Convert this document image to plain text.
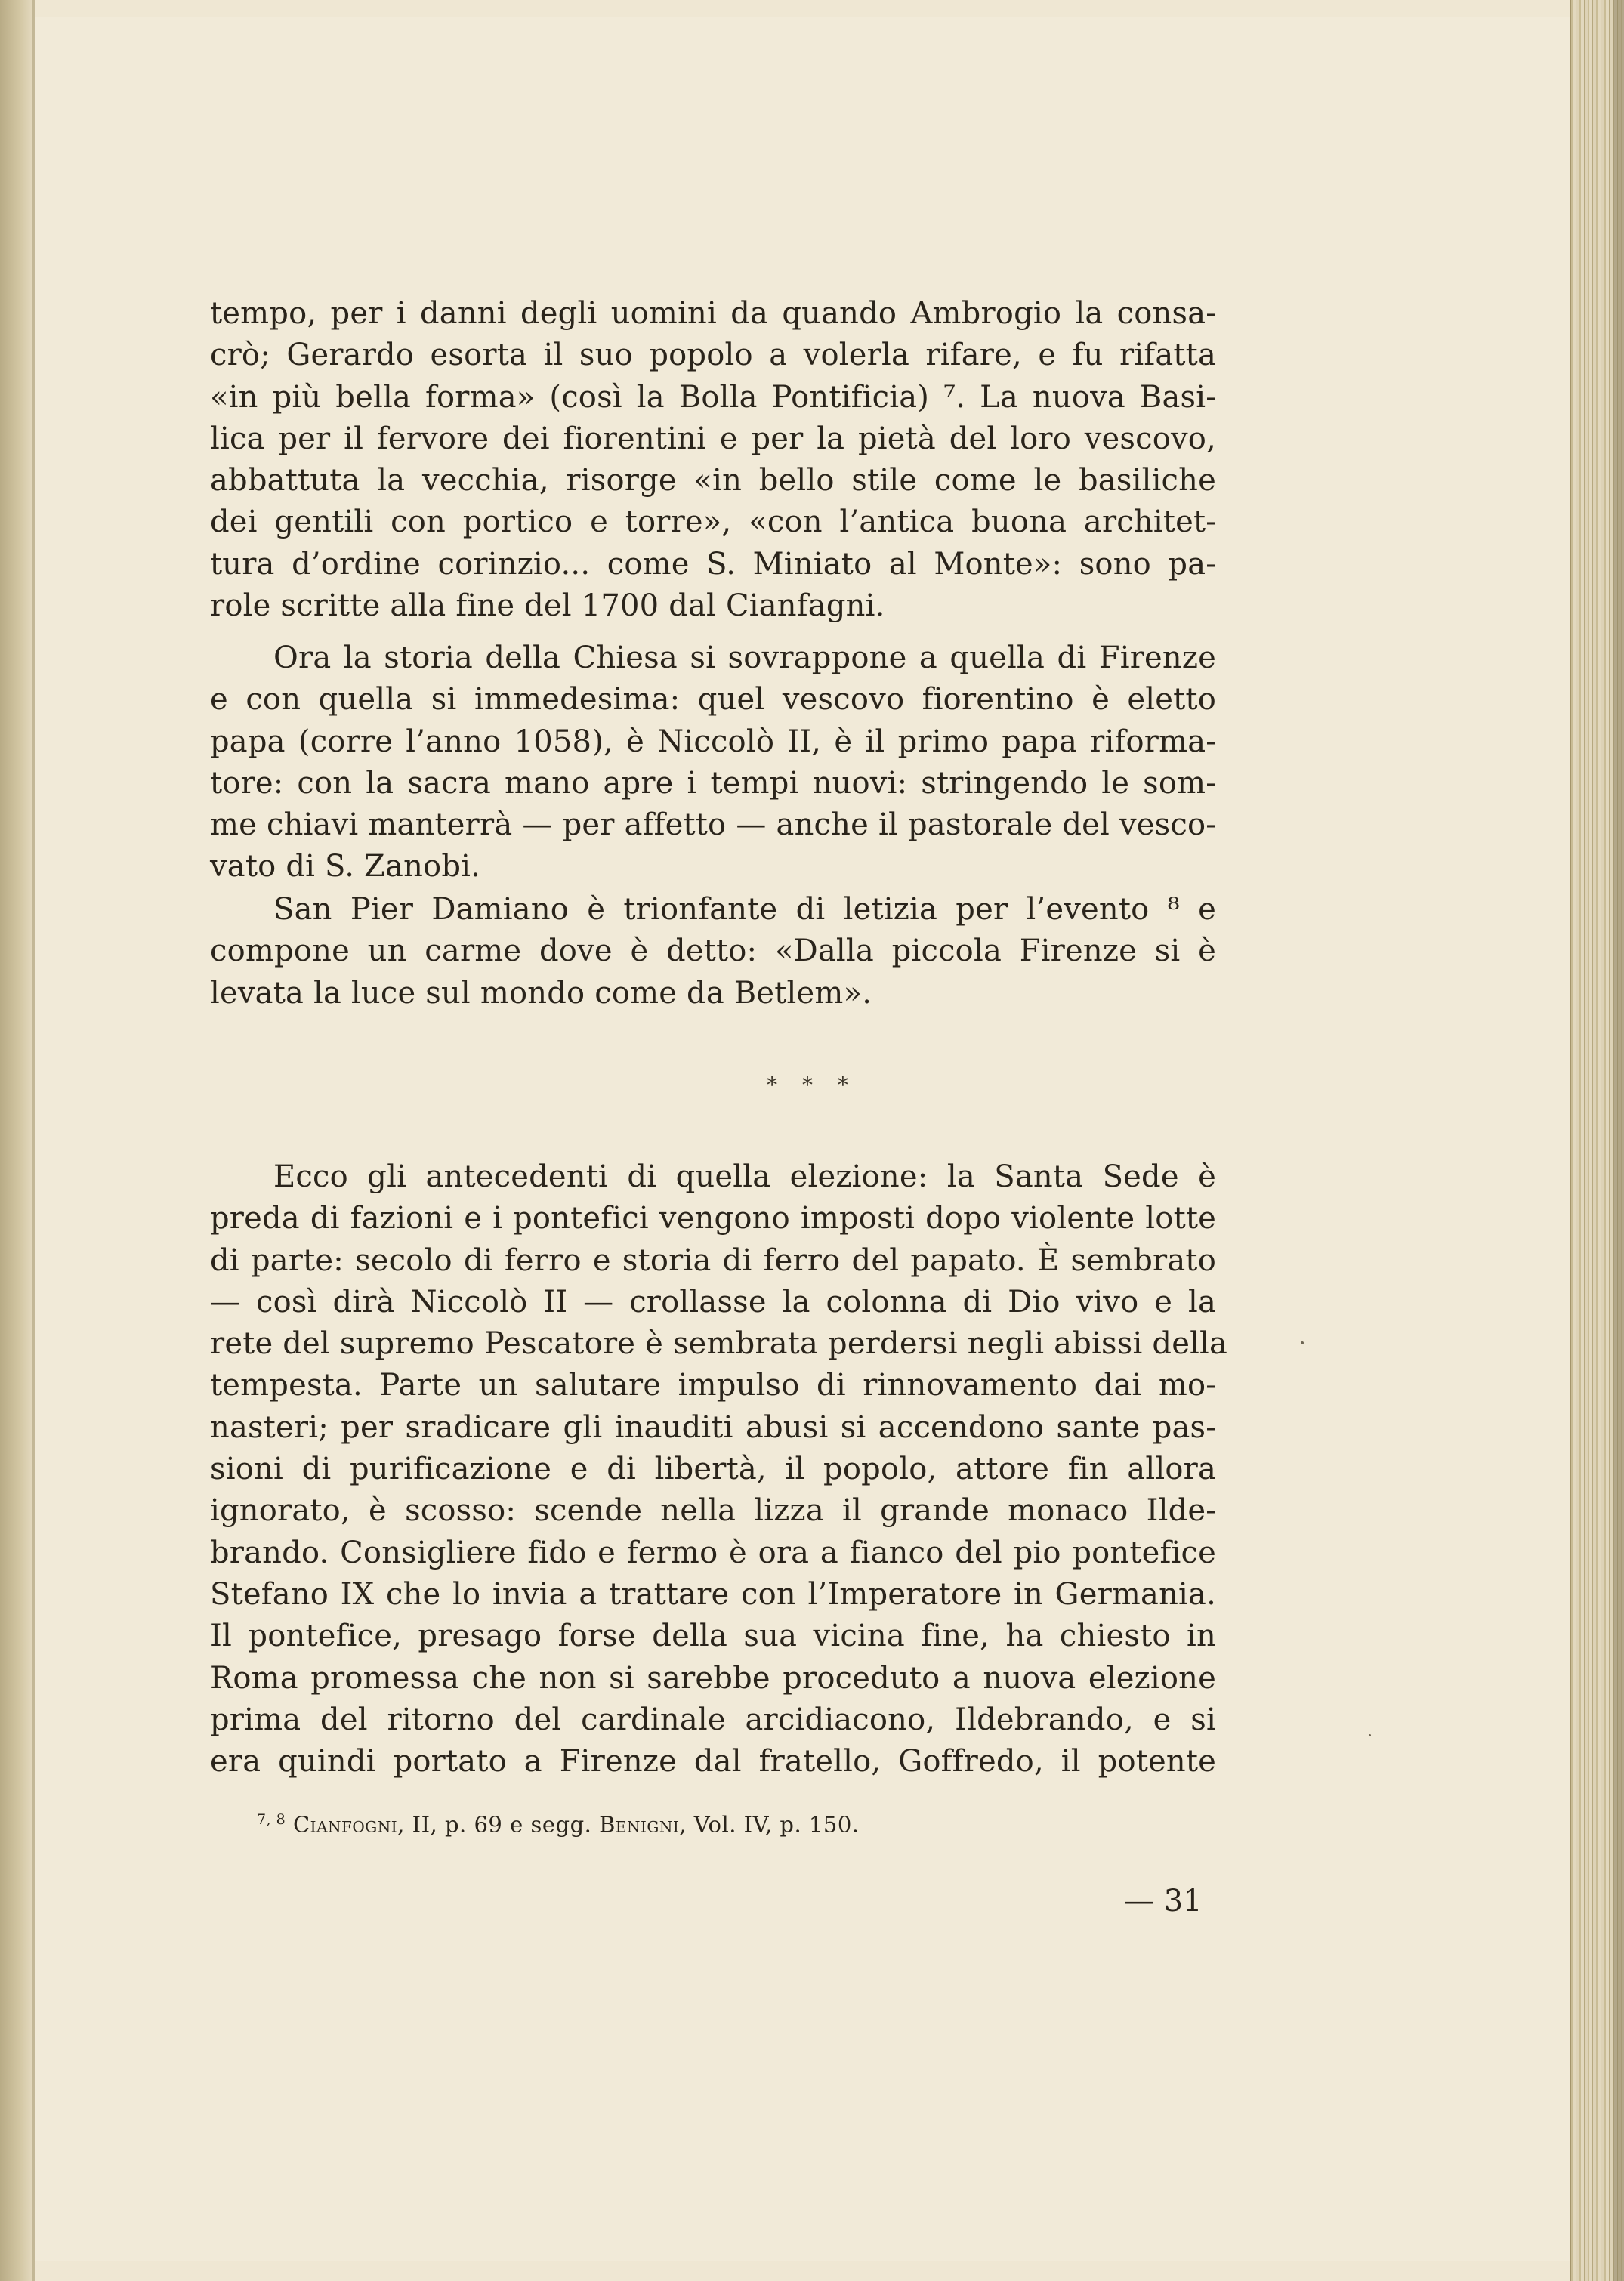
tempo, per i danni degli uomini da quando Ambrogio la consa-
crò; Gerardo esorta il suo popolo a volerla rifare, e fu rifatta
«in più bella forma» (così la Bolla Pontificia) ⁷. La nuova Basi-
lica per il fervore dei fiorentini e per la pietà del loro vescovo,
abbattuta la vecchia, risorge «in bello stile come le basiliche
dei gentili con portico e torre», «con l’antica buona architet-
tura d’ordine corinzio... come S. Miniato al Monte»: sono pa-
role scritte alla fine del 1700 dal Cianfagni.
Ora la storia della Chiesa si sovrappone a quella di Firenze
e con quella si immedesima: quel vescovo fiorentino è eletto
papa (corre l’anno 1058), è Niccolò II, è il primo papa riforma-
tore: con la sacra mano apre i tempi nuovi: stringendo le som-
me chiavi manterrà — per affetto — anche il pastorale del vesco-
vato di S. Zanobi.
San Pier Damiano è trionfante di letizia per l’evento ⁸ e
compone un carme dove è detto: «Dalla piccola Firenze si è
levata la luce sul mondo come da Betlem».
* * *
Ecco gli antecedenti di quella elezione: la Santa Sede è
preda di fazioni e i pontefici vengono imposti dopo violente lotte
di parte: secolo di ferro e storia di ferro del papato. È sembrato
— così dirà Niccolò II — crollasse la colonna di Dio vivo e la
rete del supremo Pescatore è sembrata perdersi negli abissi della
tempesta. Parte un salutare impulso di rinnovamento dai mo-
nasteri; per sradicare gli inauditi abusi si accendono sante pas-
sioni di purificazione e di libertà, il popolo, attore fin allora
ignorato, è scosso: scende nella lizza il grande monaco Ilde-
brando. Consigliere fido e fermo è ora a fianco del pio pontefice
Stefano IX che lo invia a trattare con l’Imperatore in Germania.
Il pontefice, presago forse della sua vicina fine, ha chiesto in
Roma promessa che non si sarebbe proceduto a nuova elezione
prima del ritorno del cardinale arcidiacono, Ildebrando, e si
era quindi portato a Firenze dal fratello, Goffredo, il potente
$^{7, 8}$ Cianfogni, II, p. 69 e segg. Benigni, Vol. IV, p. 150.
— 31
